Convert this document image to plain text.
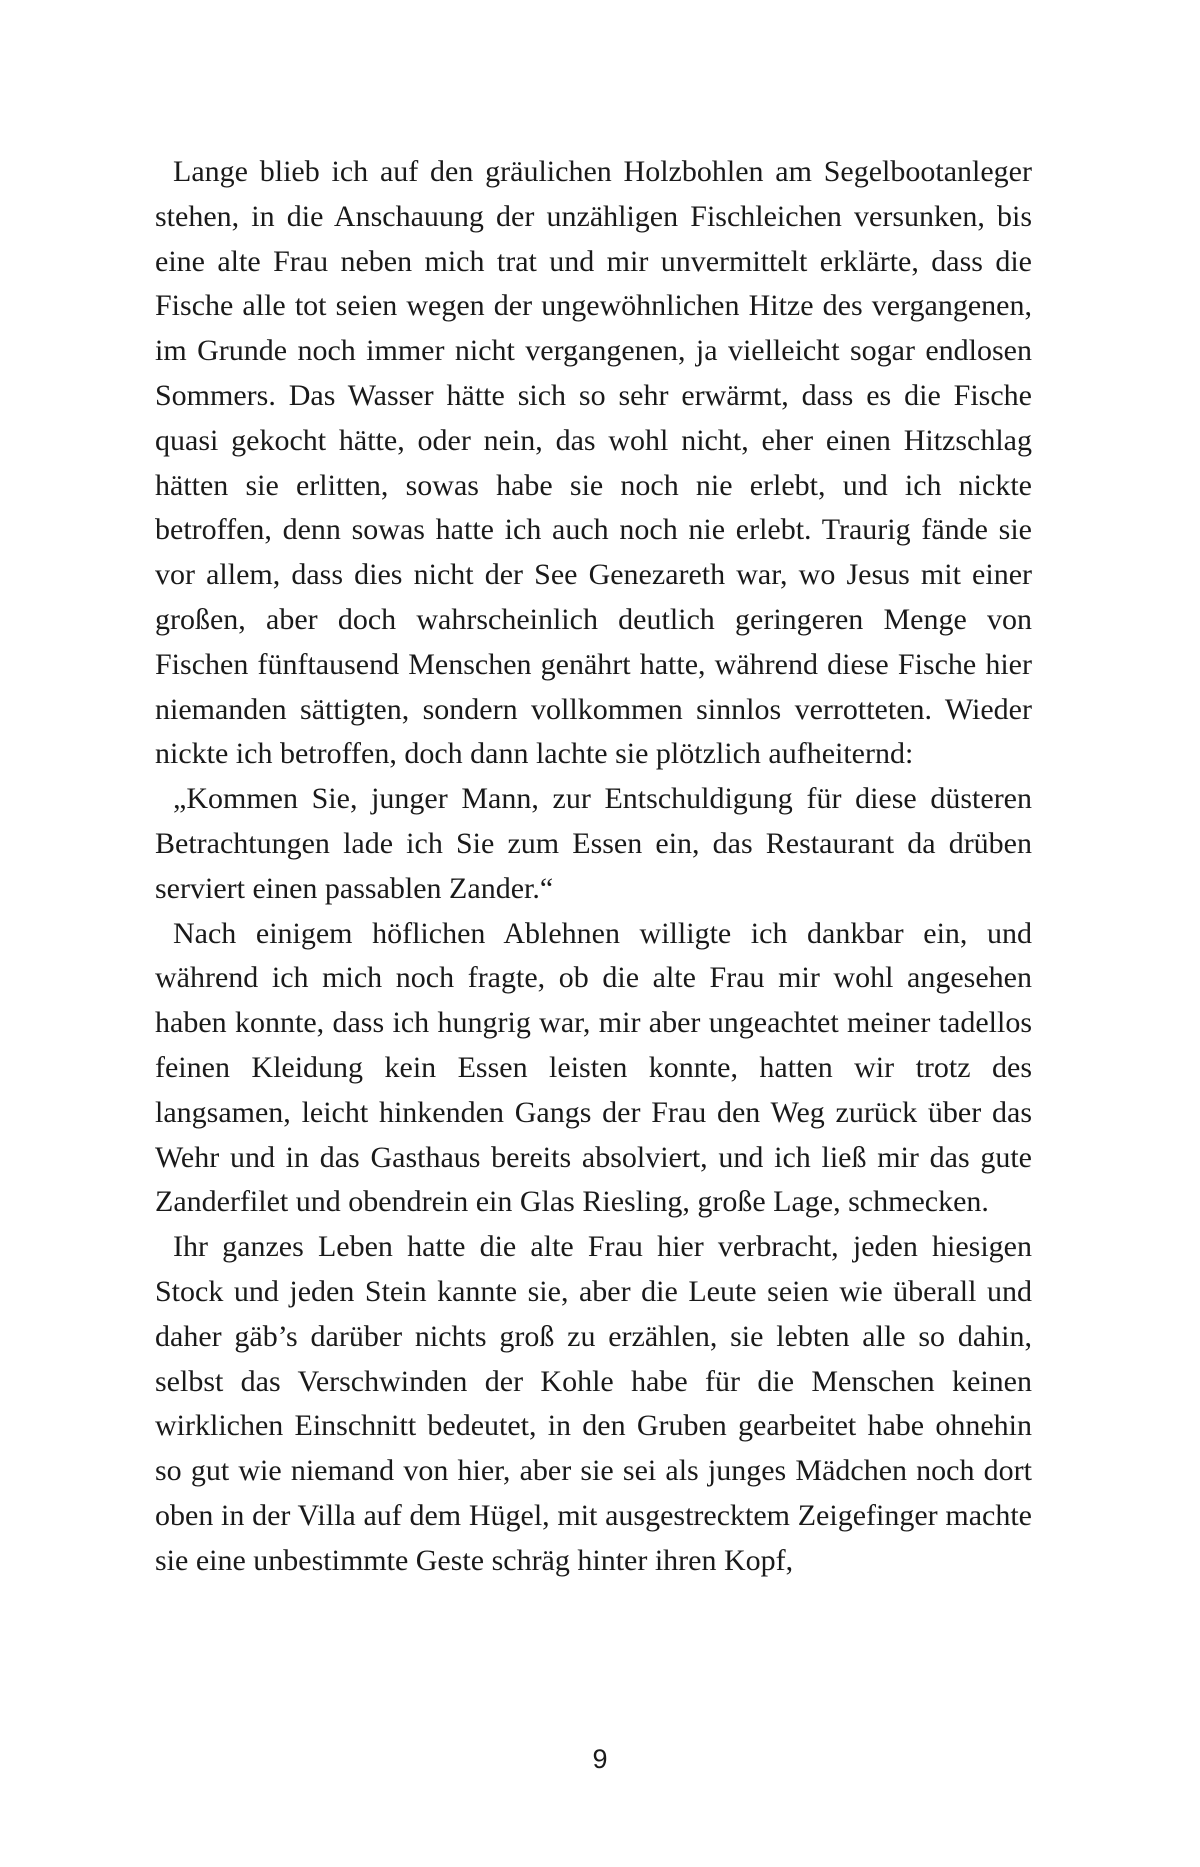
Lange blieb ich auf den gräulichen Holzbohlen am Segelbootanleger stehen, in die Anschauung der unzähligen Fischleichen versunken, bis eine alte Frau neben mich trat und mir unvermittelt erklärte, dass die Fische alle tot seien wegen der ungewöhnlichen Hitze des vergangenen, im Grunde noch immer nicht vergangenen, ja vielleicht sogar endlosen Sommers. Das Wasser hätte sich so sehr erwärmt, dass es die Fische quasi gekocht hätte, oder nein, das wohl nicht, eher einen Hitzschlag hätten sie erlitten, sowas habe sie noch nie erlebt, und ich nickte betroffen, denn sowas hatte ich auch noch nie erlebt. Traurig fände sie vor allem, dass dies nicht der See Genezareth war, wo Jesus mit einer großen, aber doch wahrscheinlich deutlich geringeren Menge von Fischen fünftausend Menschen genährt hatte, während diese Fische hier niemanden sättigten, sondern vollkommen sinnlos verrotteten. Wieder nickte ich betroffen, doch dann lachte sie plötzlich aufheiternd:

„Kommen Sie, junger Mann, zur Entschuldigung für diese düsteren Betrachtungen lade ich Sie zum Essen ein, das Restaurant da drüben serviert einen passablen Zander.“

Nach einigem höflichen Ablehnen willigte ich dankbar ein, und während ich mich noch fragte, ob die alte Frau mir wohl angesehen haben konnte, dass ich hungrig war, mir aber ungeachtet meiner tadellos feinen Kleidung kein Essen leisten konnte, hatten wir trotz des langsamen, leicht hinkenden Gangs der Frau den Weg zurück über das Wehr und in das Gasthaus bereits absolviert, und ich ließ mir das gute Zanderfilet und obendrein ein Glas Riesling, große Lage, schmecken.

Ihr ganzes Leben hatte die alte Frau hier verbracht, jeden hiesigen Stock und jeden Stein kannte sie, aber die Leute seien wie überall und daher gäb’s darüber nichts groß zu erzählen, sie lebten alle so dahin, selbst das Verschwinden der Kohle habe für die Menschen keinen wirklichen Einschnitt bedeutet, in den Gruben gearbeitet habe ohnehin so gut wie niemand von hier, aber sie sei als junges Mädchen noch dort oben in der Villa auf dem Hügel, mit ausgestrecktem Zeigefinger machte sie eine unbestimmte Geste schräg hinter ihren Kopf,

9
